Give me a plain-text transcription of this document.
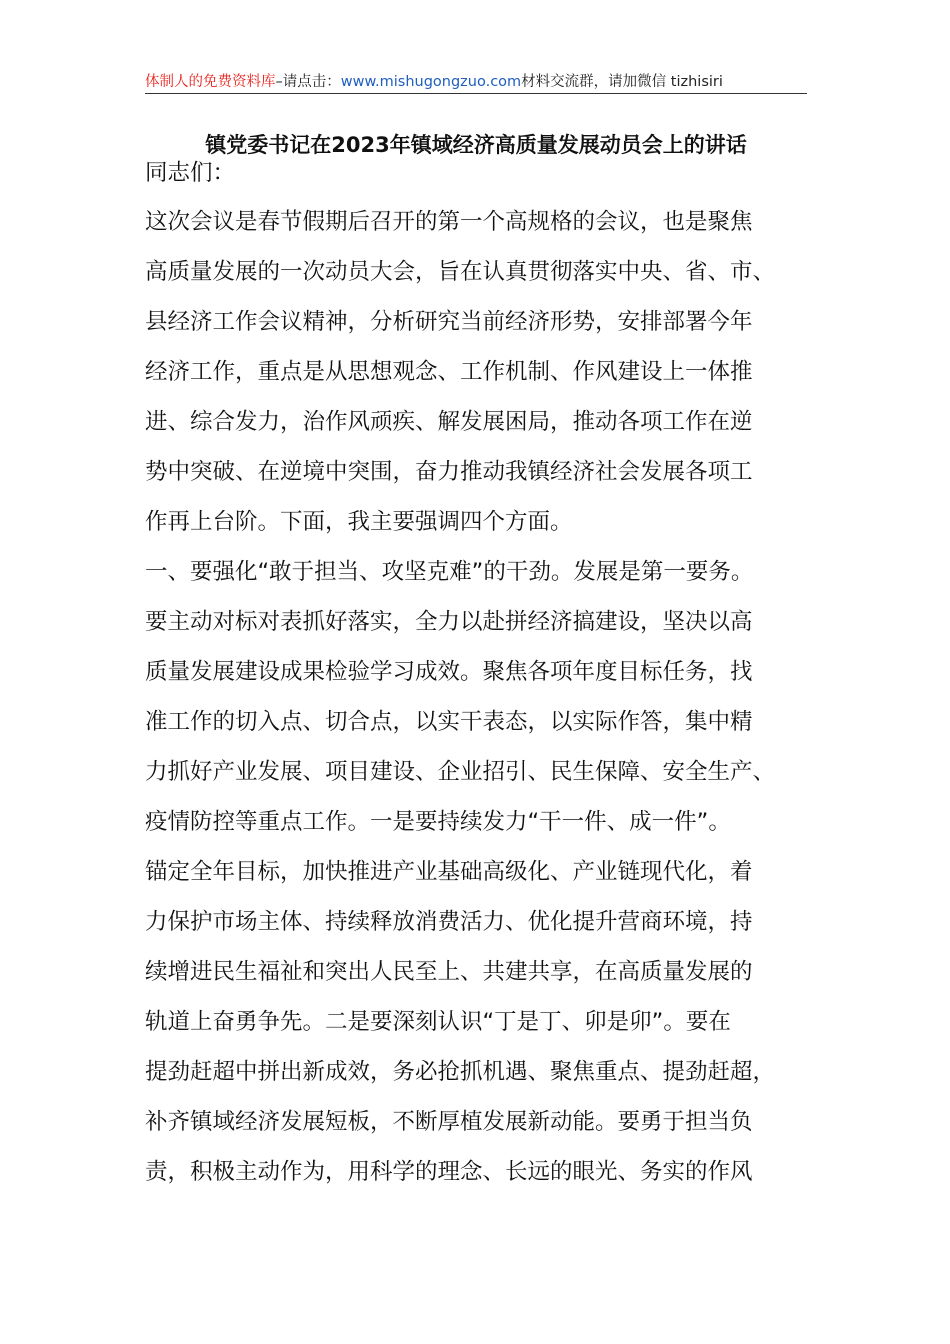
体制人的免费资料库–请点击：www.mishugongzuo.com材料交流群，请加微信 tizhisiri
镇党委书记在2023年镇域经济高质量发展动员会上的讲话
同志们：
这次会议是春节假期后召开的第一个高规格的会议，也是聚焦
高质量发展的一次动员大会，旨在认真贯彻落实中央、省、市、
县经济工作会议精神，分析研究当前经济形势，安排部署今年
经济工作，重点是从思想观念、工作机制、作风建设上一体推
进、综合发力，治作风顽疾、解发展困局，推动各项工作在逆
势中突破、在逆境中突围，奋力推动我镇经济社会发展各项工
作再上台阶。下面，我主要强调四个方面。
一、要强化“敢于担当、攻坚克难”的干劲。发展是第一要务。
要主动对标对表抓好落实，全力以赴拼经济搞建设，坚决以高
质量发展建设成果检验学习成效。聚焦各项年度目标任务，找
准工作的切入点、切合点，以实干表态，以实际作答，集中精
力抓好产业发展、项目建设、企业招引、民生保障、安全生产、
疫情防控等重点工作。一是要持续发力“干一件、成一件”。
锚定全年目标，加快推进产业基础高级化、产业链现代化，着
力保护市场主体、持续释放消费活力、优化提升营商环境，持
续增进民生福祉和突出人民至上、共建共享，在高质量发展的
轨道上奋勇争先。二是要深刻认识“丁是丁、卯是卯”。要在
提劲赶超中拼出新成效，务必抢抓机遇、聚焦重点、提劲赶超，
补齐镇域经济发展短板，不断厚植发展新动能。要勇于担当负
责，积极主动作为，用科学的理念、长远的眼光、务实的作风
